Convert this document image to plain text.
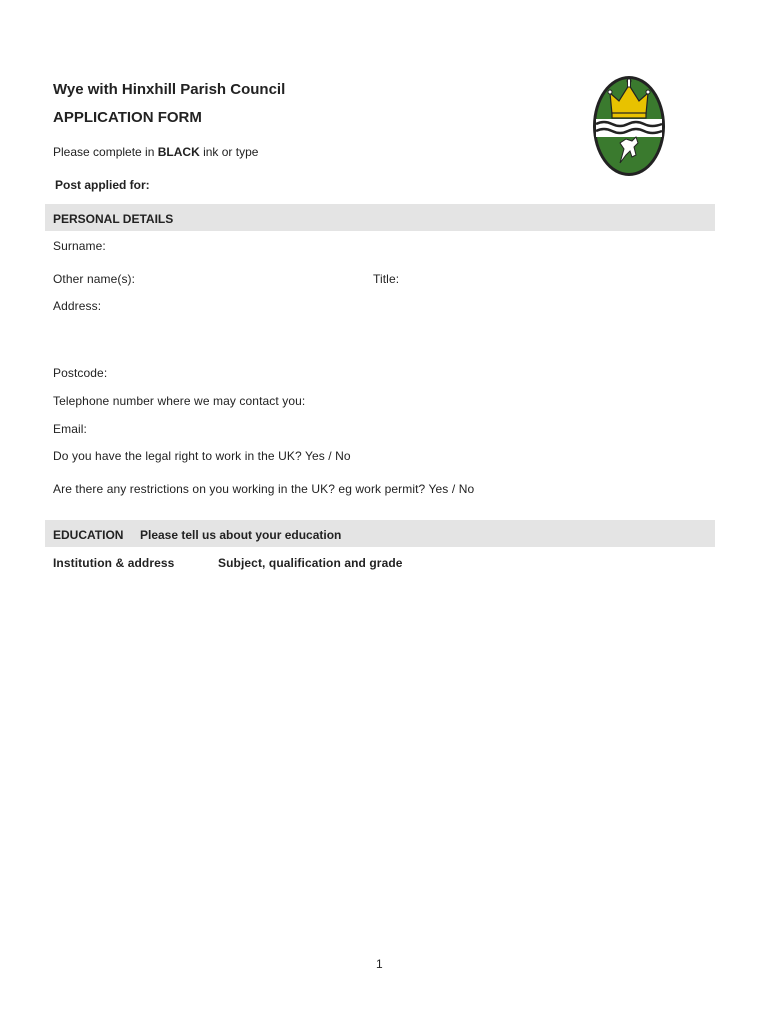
Wye with Hinxhill Parish Council
APPLICATION FORM
Please complete in BLACK ink or type
Post applied for:
PERSONAL DETAILS
Surname:
Other name(s):	Title:
Address:
Postcode:
Telephone number where we may contact you:
Email:
Do you have the legal right to work in the UK? Yes / No
Are there any restrictions on you working in the UK? eg work permit? Yes / No
EDUCATION Please tell us about your education
Institution & address	Subject, qualification and grade
1
